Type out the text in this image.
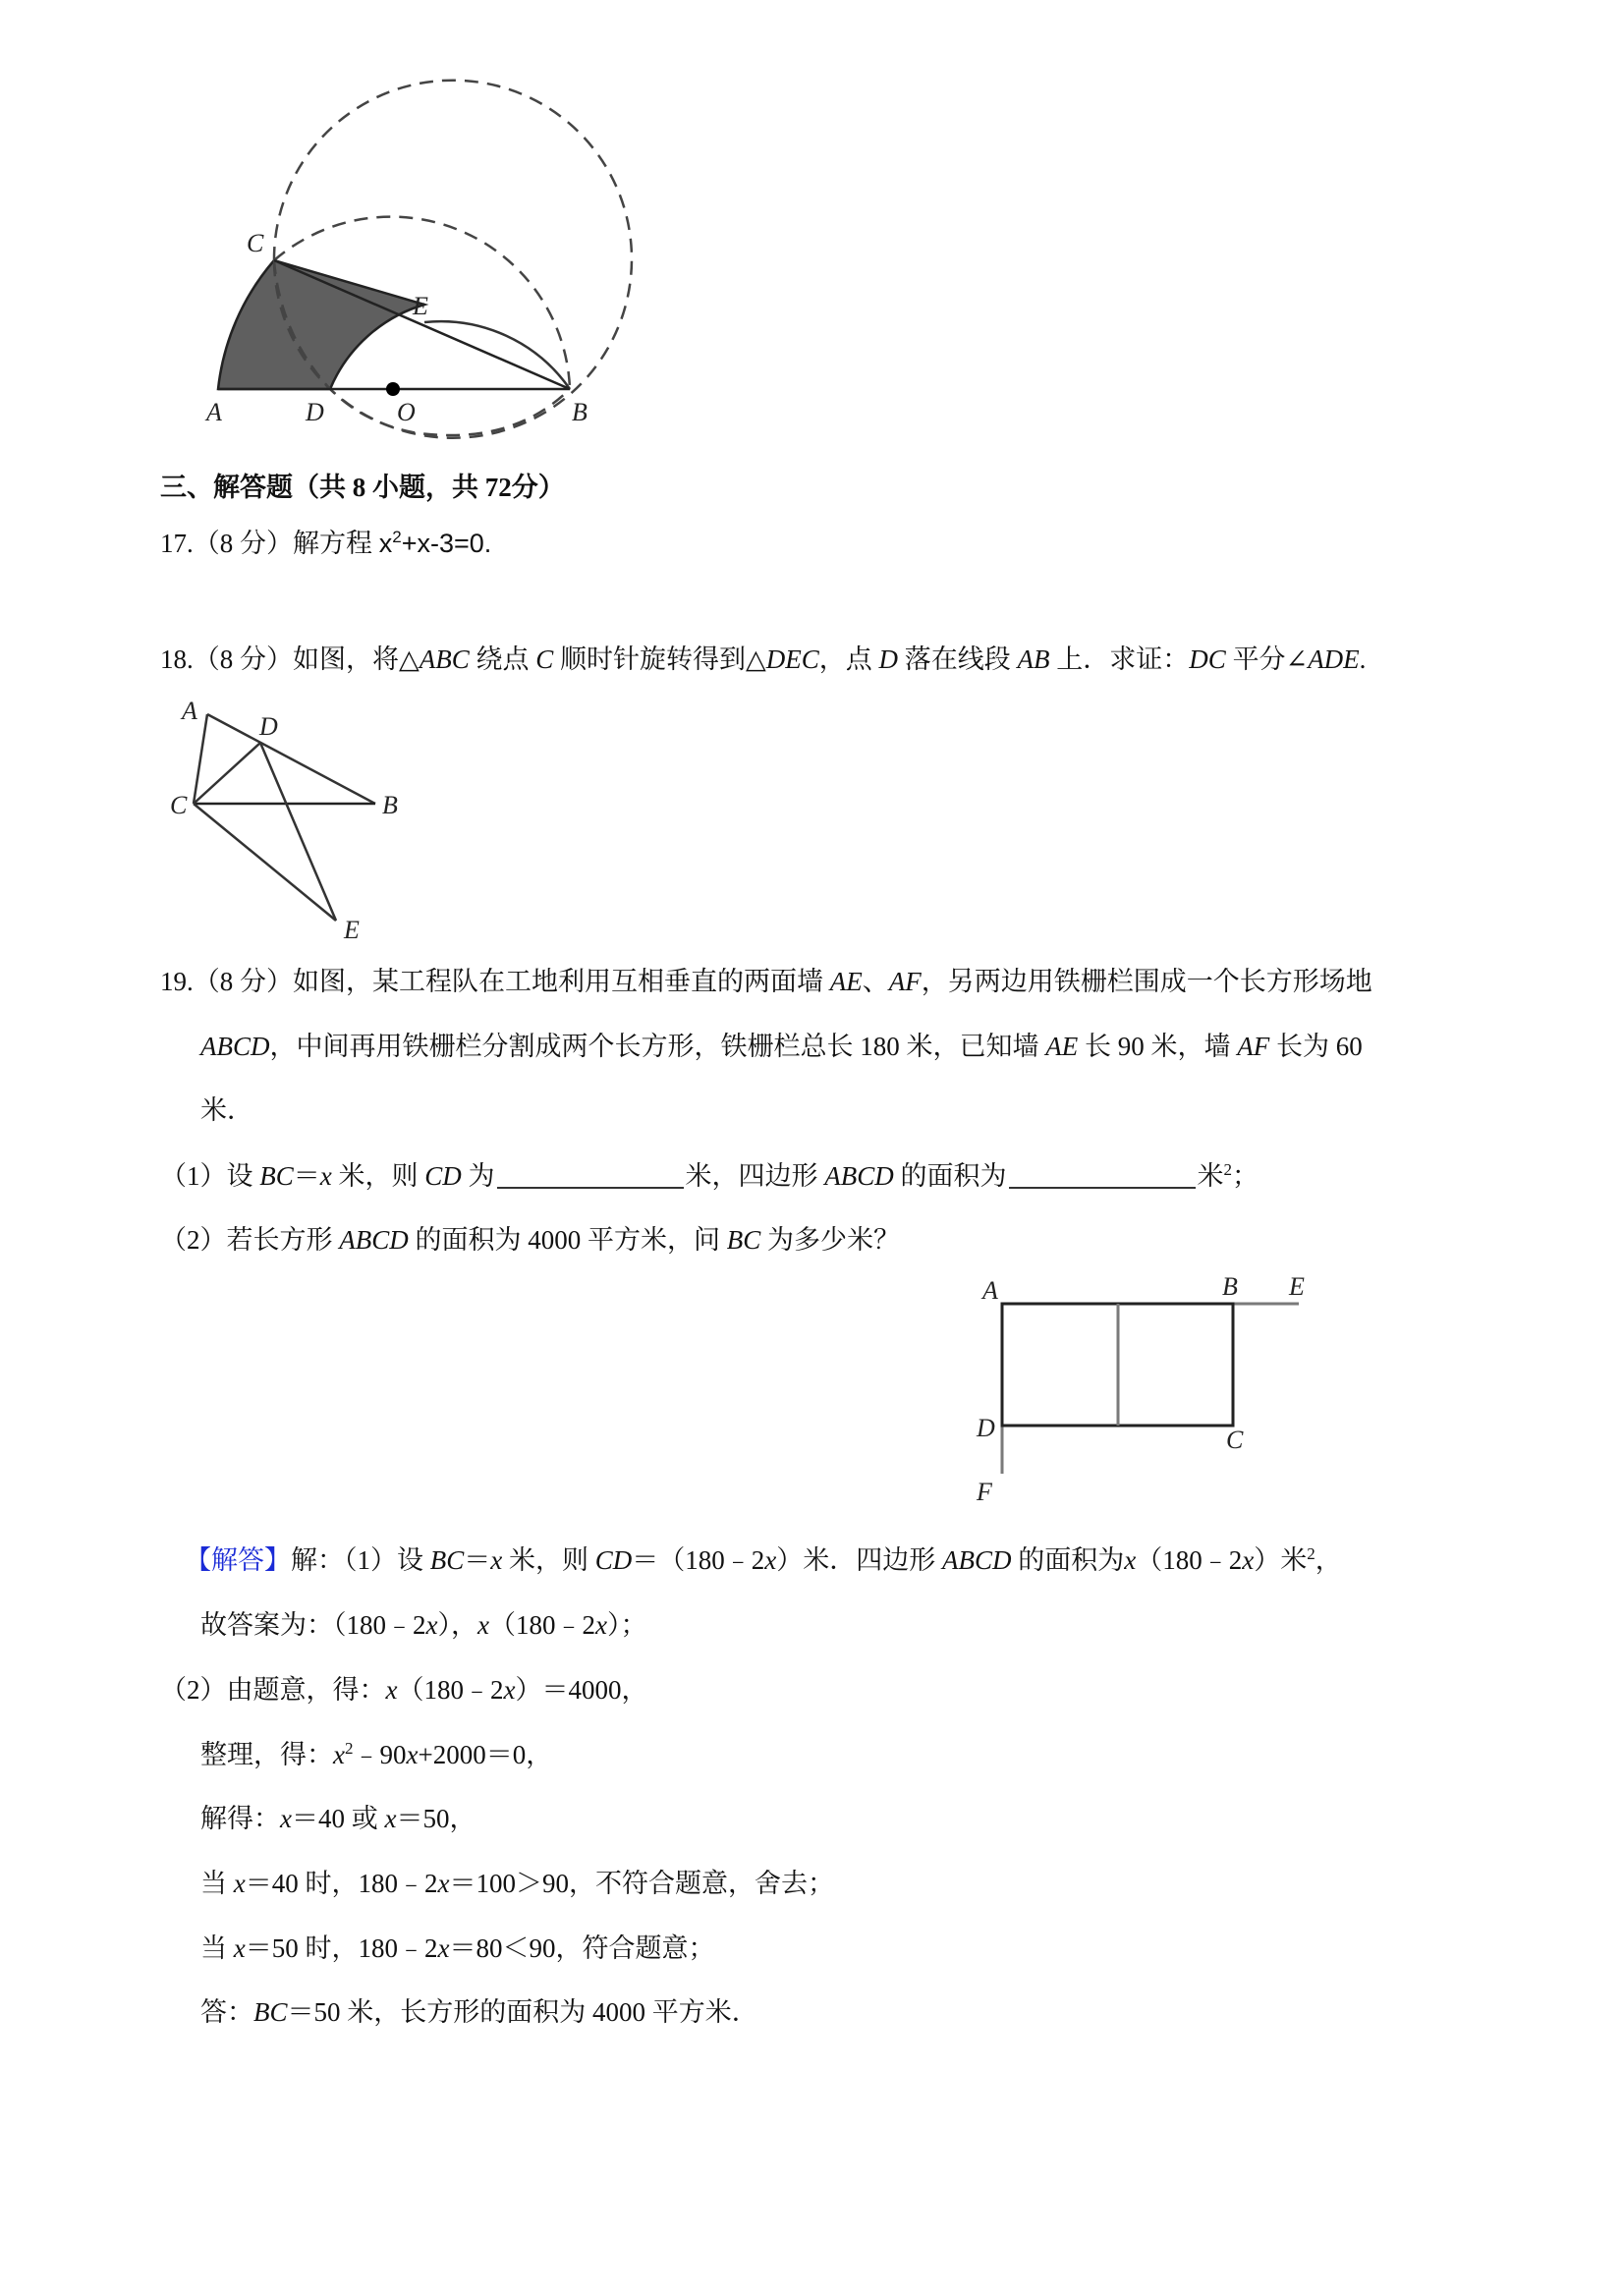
C
E
A	D	O	B
三、解答题（共 8 小题，共 72分）
17.（8 分）解方程 $x^2+x-3=0$.
18.（8 分）如图，将△ABC 绕点 C 顺时针旋转得到△DEC，点 D 落在线段 AB 上．求证：DC 平分∠ADE.
A
D
C	B
E
19.（8 分）如图，某工程队在工地利用互相垂直的两面墙 AE、AF，另两边用铁栅栏围成一个长方形场地
ABCD，中间再用铁栅栏分割成两个长方形，铁栅栏总长 180 米，已知墙 AE 长 90 米，墙 AF 长为 60
米．
（1）设 BC＝x 米，则 CD 为	米，四边形 ABCD 的面积为	米$^2$；
（2）若长方形 ABCD 的面积为 4000 平方米，问 BC 为多少米？
A	B E
D	C
F
【解答】解：（1）设 BC＝x 米，则 CD＝（180﹣2x）米．四边形 ABCD 的面积为x（180﹣2x）米$^2$，
故答案为：（180﹣2x），x（180﹣2x）；
（2）由题意，得：x（180﹣2x）＝4000，
整理，得：$x^2﹣90x+2000=0$，
解得：x＝40 或 x＝50，
当 x＝40 时，180﹣2x＝100＞90，不符合题意，舍去；
当 x＝50 时，180﹣2x＝80＜90，符合题意；
答：BC＝50 米，长方形的面积为 4000 平方米．
